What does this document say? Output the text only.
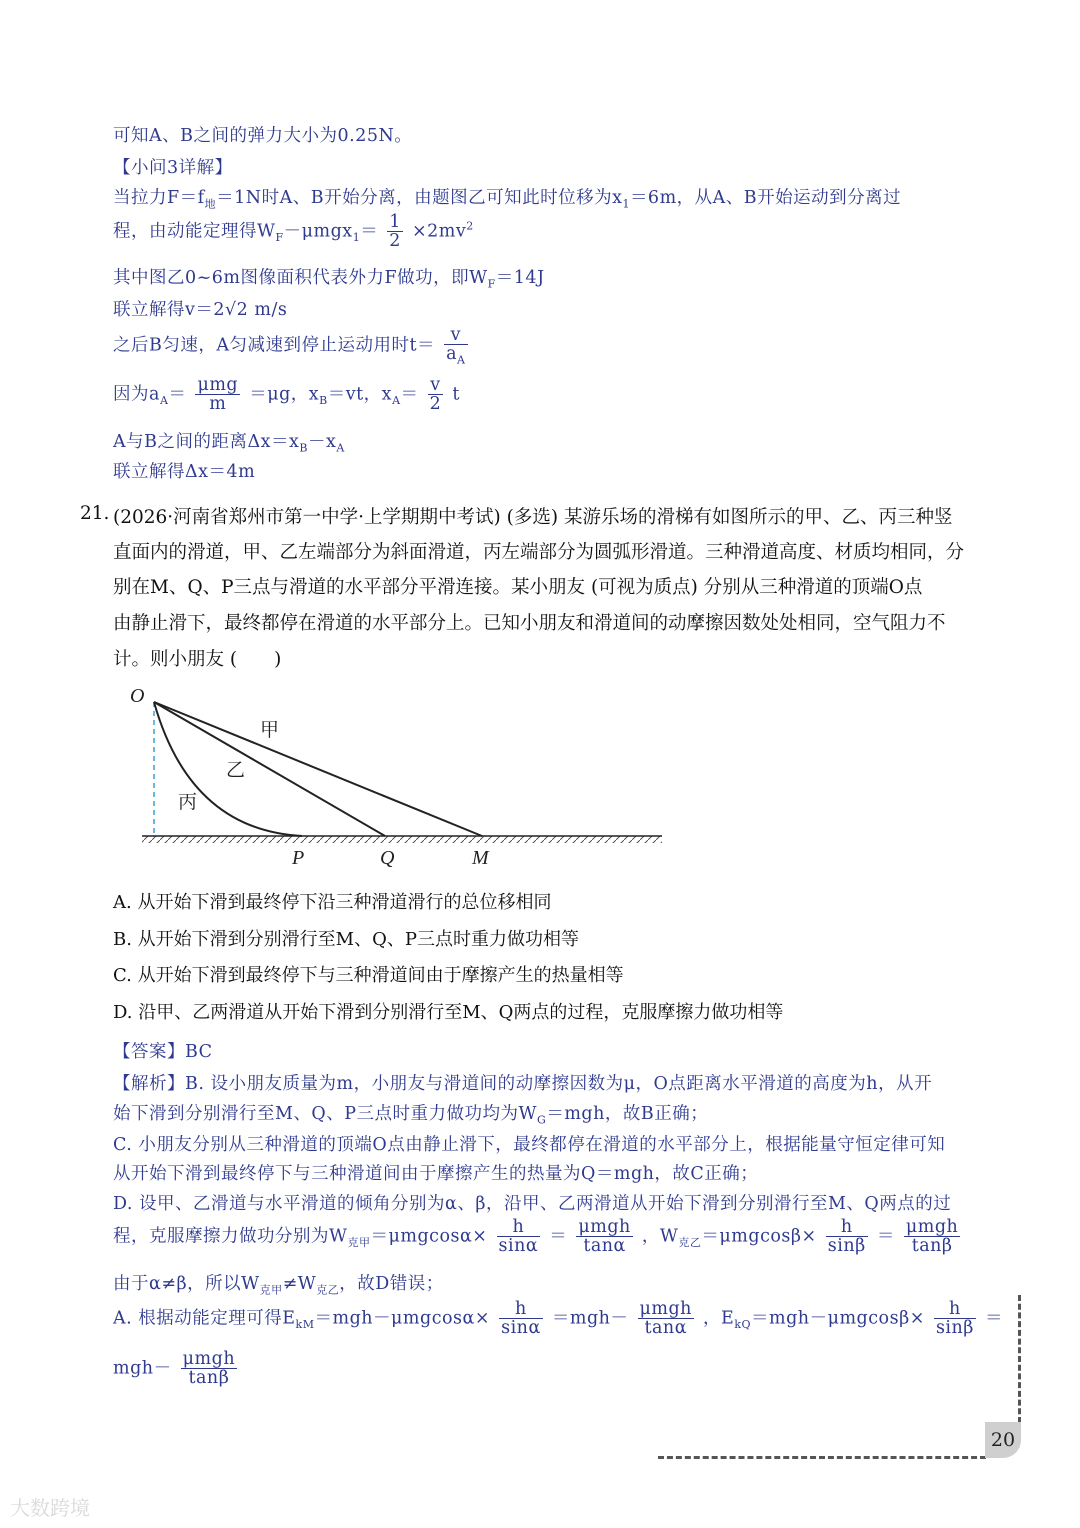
可知A、B之间的弹力大小为0.25N。
【小问3详解】
当拉力$F=f_地=1N$时A、B开始分离，由题图乙可知此时位移为$x_1=6m$，从A、B开始运动到分离过
程，由动能定理得$W_F-\mu mgx_1= \frac{1}{2} \times 2mv^2$
其中图乙0~6m图像面积代表外力F做功，即$W_F=14J$
联立解得v＝2√2 m/s
之后B匀速，A匀减速到停止运动用时$t= \frac{v}{a_A}$
因为$a_A= \frac{\text{μmg}}{m} =\mu g$，$x_B=vt$，$x_A= \frac{v}{2}$ t
A与B之间的距离$\Delta x=x_B-x_A$
联立解得Δx＝4m
21. (2026·河南省郑州市第一中学·上学期期中考试) (多选) 某游乐场的滑梯有如图所示的甲、乙、丙三种竖
直面内的滑道，甲、乙左端部分为斜面滑道，丙左端部分为圆弧形滑道。三种滑道高度、材质均相同，分
别在M、Q、P三点与滑道的水平部分平滑连接。某小朋友 (可视为质点) 分别从三种滑道的顶端O点
由静止滑下，最终都停在滑道的水平部分上。已知小朋友和滑道间的动摩擦因数处处相同，空气阻力不
计。则小朋友 (　　)
O
甲
乙
丙
P	Q	M
A. 从开始下滑到最终停下沿三种滑道滑行的总位移相同
B. 从开始下滑到分别滑行至M、Q、P三点时重力做功相等
C. 从开始下滑到最终停下与三种滑道间由于摩擦产生的热量相等
D. 沿甲、乙两滑道从开始下滑到分别滑行至M、Q两点的过程，克服摩擦力做功相等
【答案】BC
【解析】B. 设小朋友质量为m，小朋友与滑道间的动摩擦因数为μ，O点距离水平滑道的高度为h，从开
始下滑到分别滑行至M、Q、P三点时重力做功均为$W_G=mgh$，故B正确；
C. 小朋友分别从三种滑道的顶端O点由静止滑下，最终都停在滑道的水平部分上，根据能量守恒定律可知
从开始下滑到最终停下与三种滑道间由于摩擦产生的热量为Q＝mgh，故C正确；
D. 设甲、乙滑道与水平滑道的倾角分别为α、β，沿甲、乙两滑道从开始下滑到分别滑行至M、Q两点的过
程，克服摩擦力做功分别为$W_{克甲}=\mu mgcos\alpha\times \frac{h}{\sin\alpha} = \frac{\text{μmgh}}{\tan\alpha}$ ，$W_{克乙}=\mu mgcos\beta\times \frac{h}{\sin\beta} = \frac{\text{μmgh}}{\tan\beta}$
由于α≠β，所以$W_{克甲}\ne W_{克乙}$，故D错误；
A. 根据动能定理可得$E_{kM}=mgh-\mu mgcos\alpha\times \frac{h}{\sin\alpha} =mgh- \frac{\text{μmgh}}{\tan\alpha}$ ，$E_{kQ}=mgh-\mu mgcos\beta\times \frac{h}{\sin\beta}$ ＝
$mgh- \frac{\text{μmgh}}{\tan\beta}$
20
大数跨境
